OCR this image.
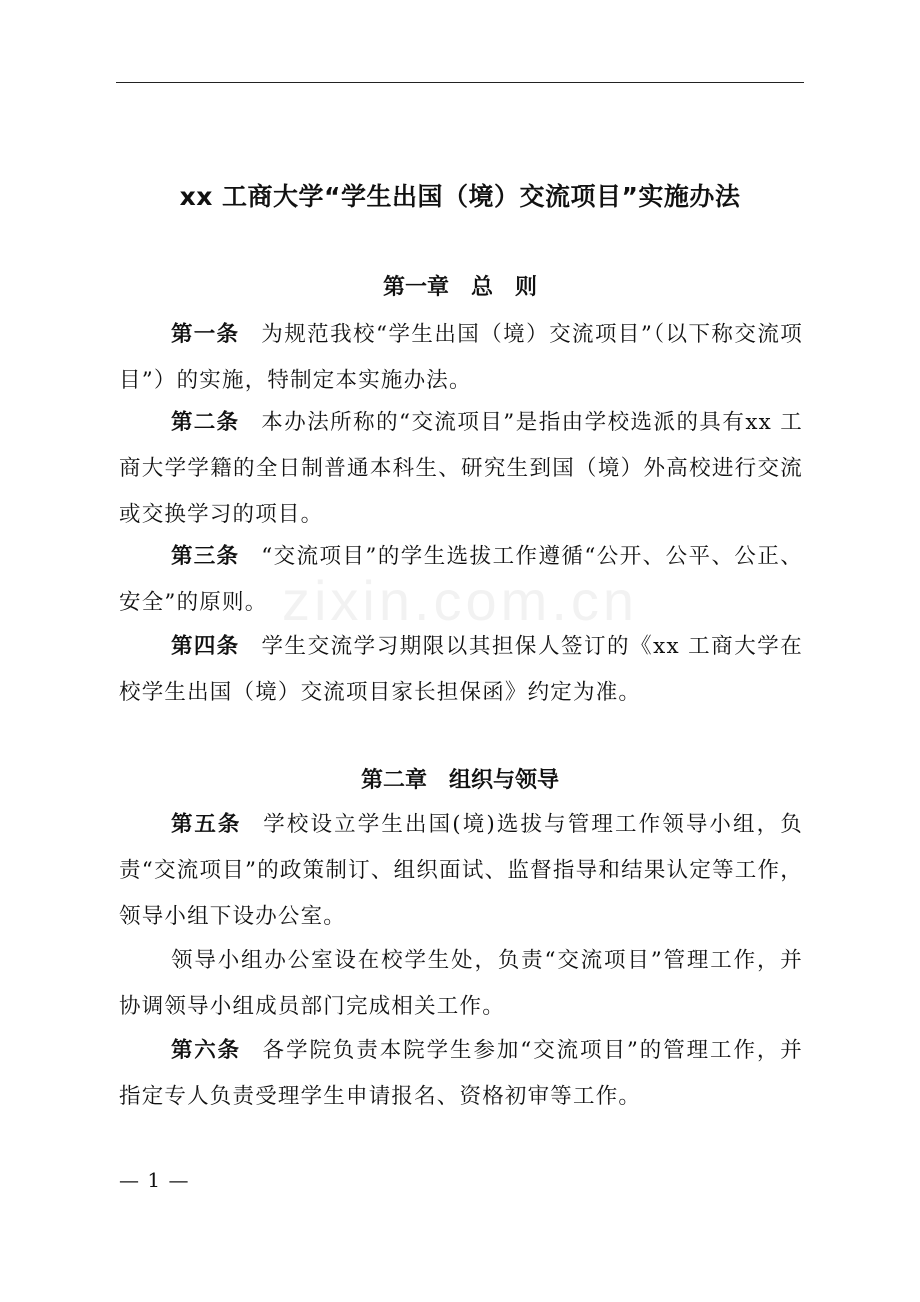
xx 工商大学“学生出国（境）交流项目”实施办法
第一章　总　则

第一条 为规范我校“学生出国（境）交流项目”（以下称交流项目”）的实施，特制定本实施办法。

第二条 本办法所称的“交流项目”是指由学校选派的具有xx 工商大学学籍的全日制普通本科生、研究生到国（境）外高校进行交流或交换学习的项目。

第三条 “交流项目”的学生选拔工作遵循“公开、公平、公正、安全”的原则。

第四条 学生交流学习期限以其担保人签订的《xx 工商大学在校学生出国（境）交流项目家长担保函》约定为准。

第二章　组织与领导

第五条 学校设立学生出国(境)选拔与管理工作领导小组，负责“交流项目”的政策制订、组织面试、监督指导和结果认定等工作，领导小组下设办公室。

领导小组办公室设在校学生处，负责“交流项目”管理工作，并协调领导小组成员部门完成相关工作。

第六条 各学院负责本院学生参加“交流项目”的管理工作，并指定专人负责受理学生申请报名、资格初审等工作。

zixin.com.cn

— 1 —
